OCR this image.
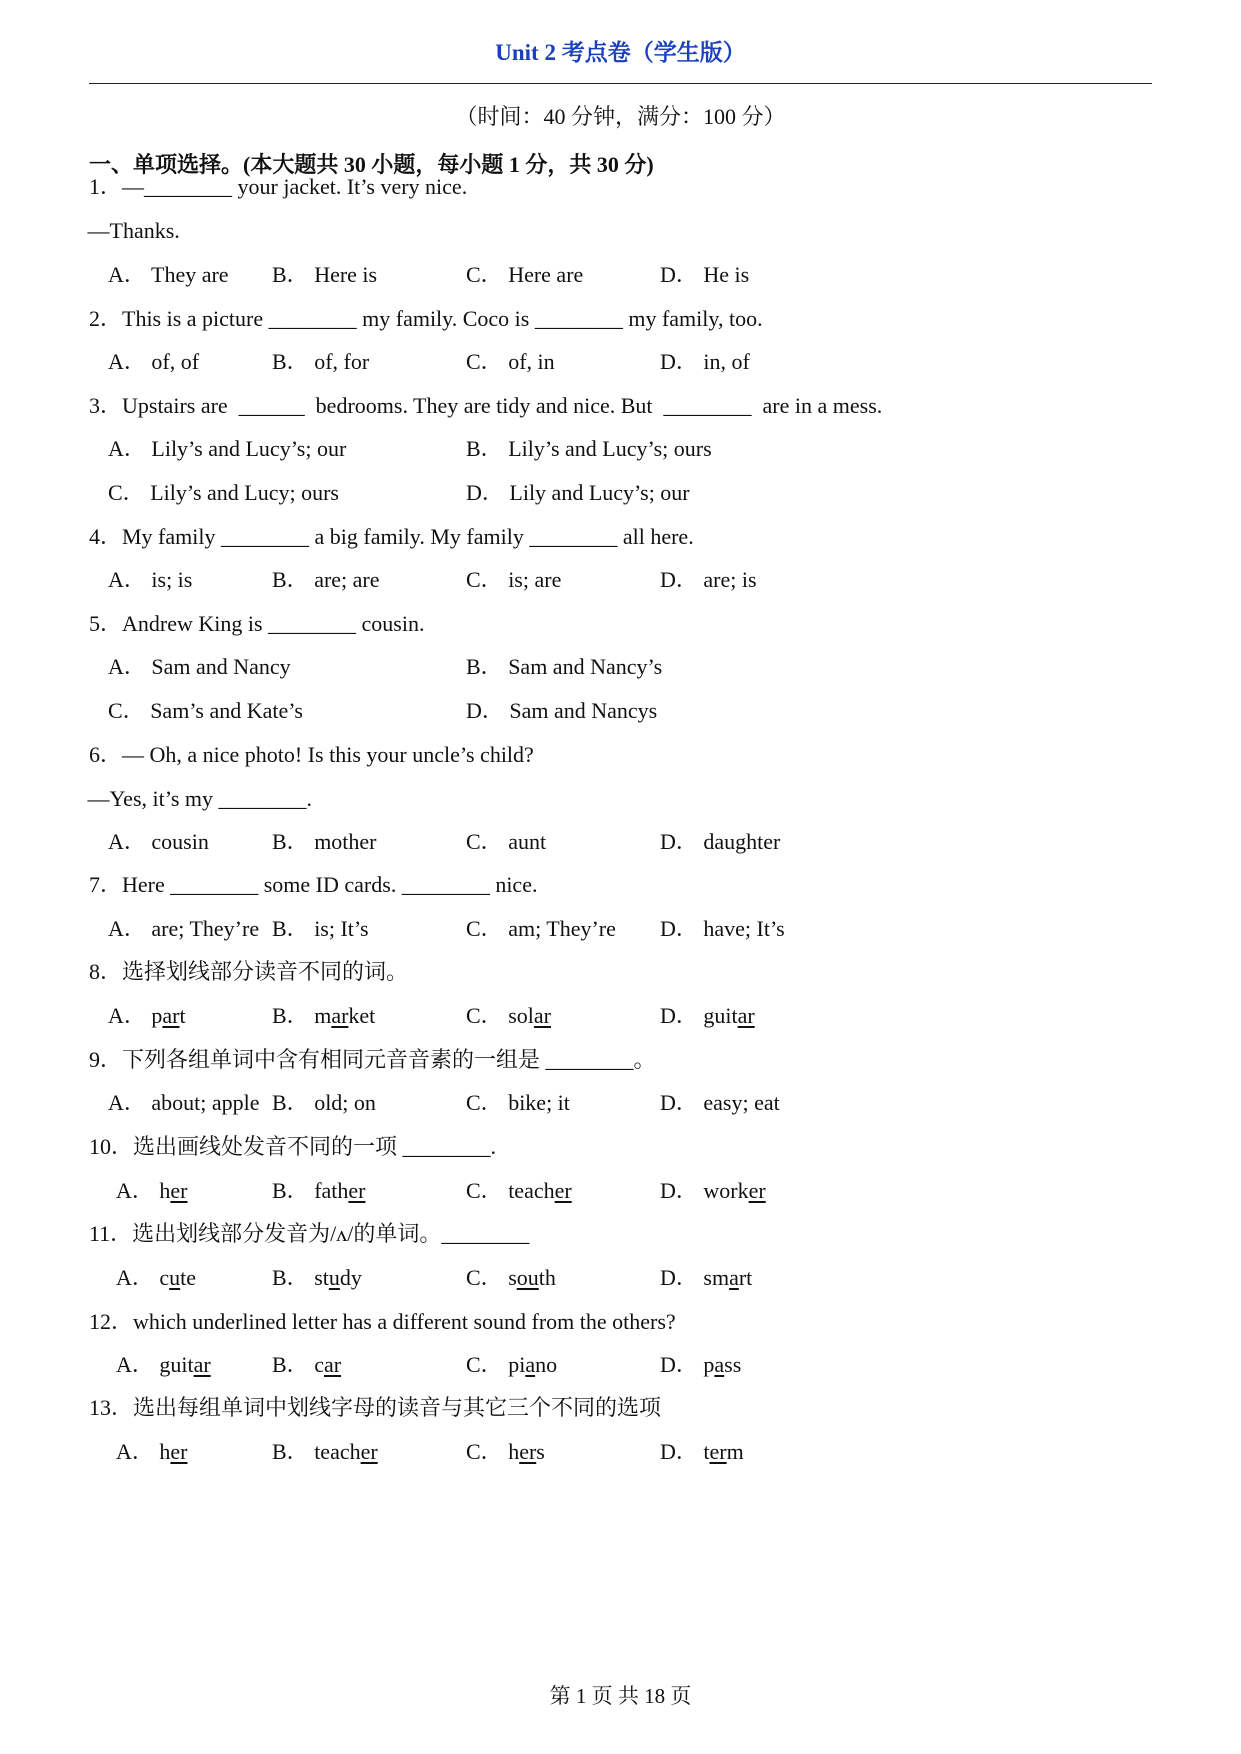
Unit 2 考点卷（学生版）
（时间：40 分钟，满分：100 分）
一、单项选择。(本大题共 30 小题，每小题 1 分，共 30 分)
1．—________ your jacket. It’s very nice.
—Thanks.
A． They are B． Here is	C． Here are	D． He is
2．This is a picture ________ my family. Coco is ________ my family, too.
A． of, of	B． of, for	C． of, in	D． in, of
3．Upstairs are  ______  bedrooms. They are tidy and nice. But  ________  are in a mess.
A． Lily’s and Lucy’s; our	B． Lily’s and Lucy’s; ours
C． Lily’s and Lucy; ours	D． Lily and Lucy’s; our
4．My family ________ a big family. My family ________ all here.
A． is; is	B． are; are	C． is; are	D． are; is
5．Andrew King is ________ cousin.
A． Sam and Nancy	B． Sam and Nancy’s
C． Sam’s and Kate’s	D． Sam and Nancys
6．— Oh, a nice photo! Is this your uncle’s child?
—Yes, it’s my ________.
A． cousin	B． mother	C． aunt	D． daughter
7．Here ________ some ID cards. ________ nice.
A． are; They’re B． is; It’s	C． am; They’re D． have; It’s
8．选择划线部分读音不同的词。
A． part	B． market	C． solar	D． guitar
9．下列各组单词中含有相同元音音素的一组是 ________。
A． about; apple B． old; on	C． bike; it	D． easy; eat
10．选出画线处发音不同的一项 ________.
A． her	B． father	C． teacher	D． worker
11．选出划线部分发音为/ʌ/的单词。________
A． cute	B． study	C． south	D． smart
12．which underlined letter has a different sound from the others?
A． guitar	B． car	C． piano	D． pass
13．选出每组单词中划线字母的读音与其它三个不同的选项
A． her	B． teacher	C． hers	D． term
第 1 页 共 18 页
